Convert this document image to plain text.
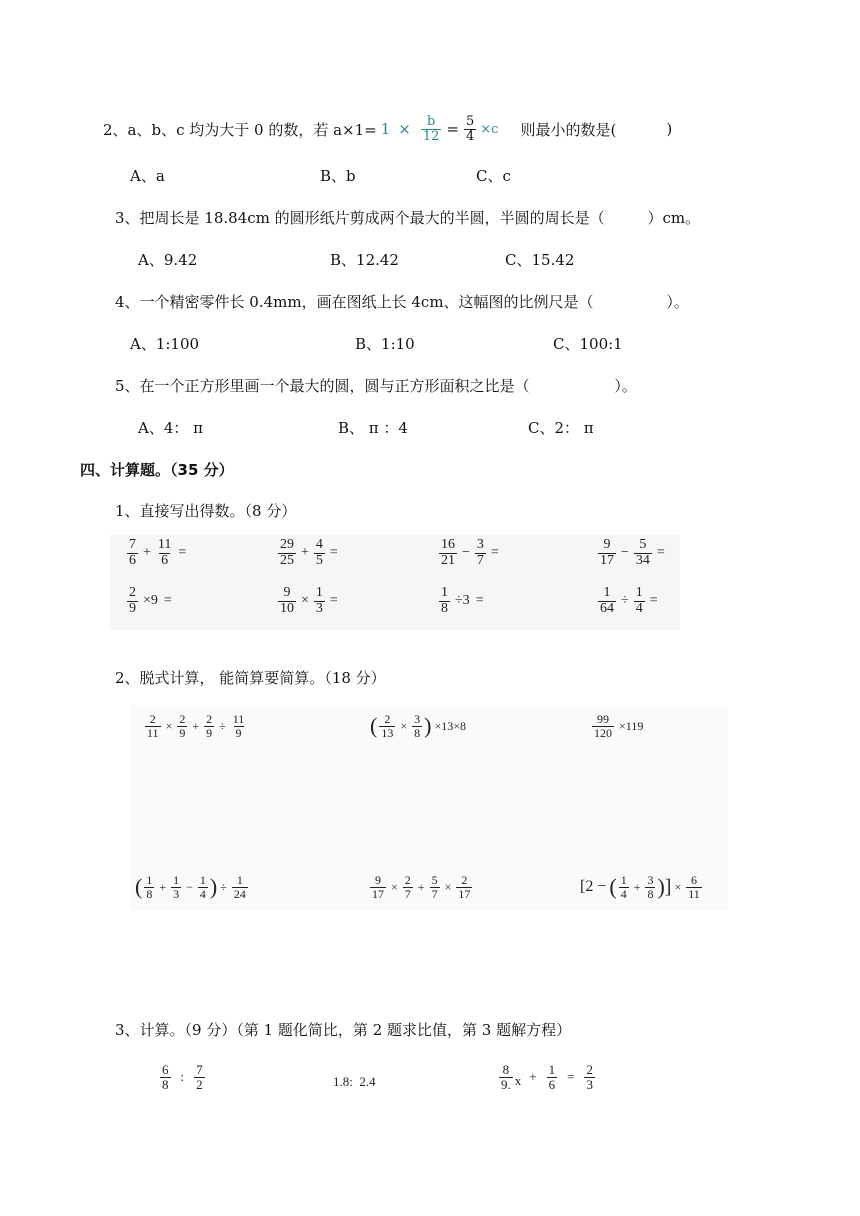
2、a、b、c 均为大于 0 的数，若 $a\times 1= 1 \times \frac{b}{12} = \frac{5}{4} \times c$ 则最小的数是(	)
A、a	B、b	C、c
3、把周长是 18.84cm 的圆形纸片剪成两个最大的半圆，半圆的周长是（	）cm。
A、9.42	B、12.42	C、15.42
4、一个精密零件长 0.4mm，画在图纸上长 4cm、这幅图的比例尺是（	）。
A、1:100	B、1:10	C、100:1
5、在一个正方形里画一个最大的圆，圆与正方形面积之比是（	）。
A、4： π	B、 π ：4	C、2： π
四、计算题。（35 分）
1、直接写出得数。（8 分）
$\frac{7}{6} + \frac{11}{6}$ =	$\frac{29}{25} + \frac{4}{5}$ =	$\frac{16}{21} - \frac{3}{7}$ =	$\frac{9}{17} - \frac{5}{34}$ =
$\frac{2}{9} \times 9$ =	$\frac{9}{10} \times \frac{1}{3}$ =	$\frac{1}{8} \div 3$ =	$\frac{1}{64} \div \frac{1}{4}$ =
2、脱式计算， 能简算要简算。（18 分）
$\frac{2}{11} \times \frac{2}{9} + \frac{2}{9} \div \frac{11}{9}$	( $\frac{2}{13} \times \frac{3}{8}$ ) ×13×8	$\frac{99}{120} \times 119$
( $\frac{1}{8} + \frac{1}{3} - \frac{1}{4}$ ) ÷ $\frac{1}{24}$	$\frac{9}{17} \times \frac{2}{7} + \frac{5}{7} \times \frac{2}{17}$	[2 − ( $\frac{1}{4} + \frac{3}{8}$ ) ] × $\frac{6}{11}$
3、计算。（9 分）（第 1 题化简比，第 2 题求比值，第 3 题解方程）
$\frac{6}{8}$ : $\frac{7}{2}$	1.8:  2.4	$\frac{8}{9.}$ $x + \frac{1}{6} = \frac{2}{3}$
